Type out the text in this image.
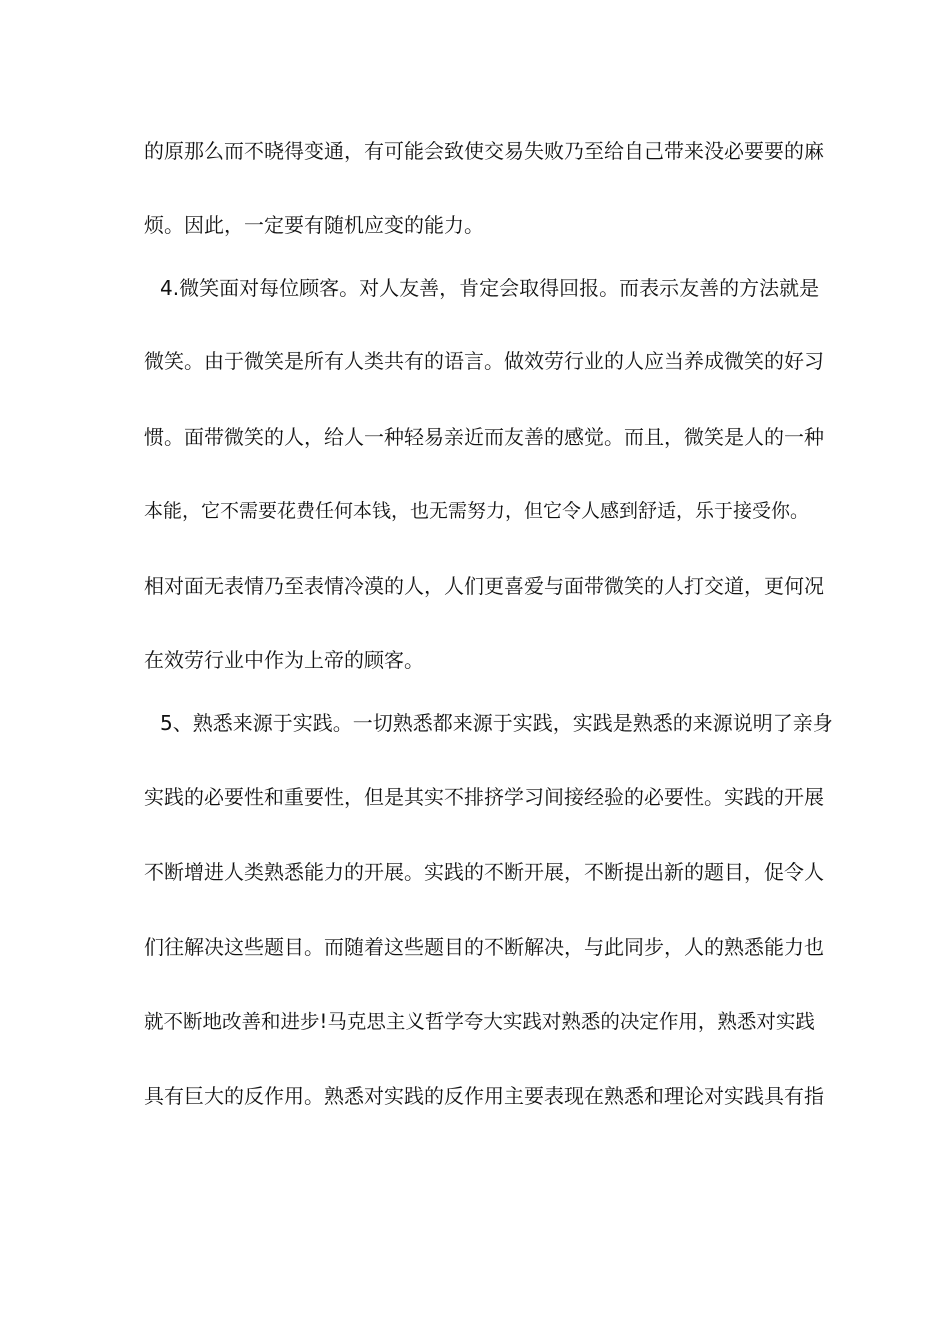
的原那么而不晓得变通，有可能会致使交易失败乃至给自己带来没必要要的麻
烦。因此，一定要有随机应变的能力。
4.微笑面对每位顾客。对人友善，肯定会取得回报。而表示友善的方法就是
微笑。由于微笑是所有人类共有的语言。做效劳行业的人应当养成微笑的好习
惯。面带微笑的人，给人一种轻易亲近而友善的感觉。而且，微笑是人的一种
本能，它不需要花费任何本钱，也无需努力，但它令人感到舒适，乐于接受你。
相对面无表情乃至表情冷漠的人，人们更喜爱与面带微笑的人打交道，更何况
在效劳行业中作为上帝的顾客。
5、熟悉来源于实践。一切熟悉都来源于实践，实践是熟悉的来源说明了亲身
实践的必要性和重要性，但是其实不排挤学习间接经验的必要性。实践的开展
不断增进人类熟悉能力的开展。实践的不断开展，不断提出新的题目，促令人
们往解决这些题目。而随着这些题目的不断解决，与此同步，人的熟悉能力也
就不断地改善和进步!马克思主义哲学夸大实践对熟悉的决定作用，熟悉对实践
具有巨大的反作用。熟悉对实践的反作用主要表现在熟悉和理论对实践具有指
